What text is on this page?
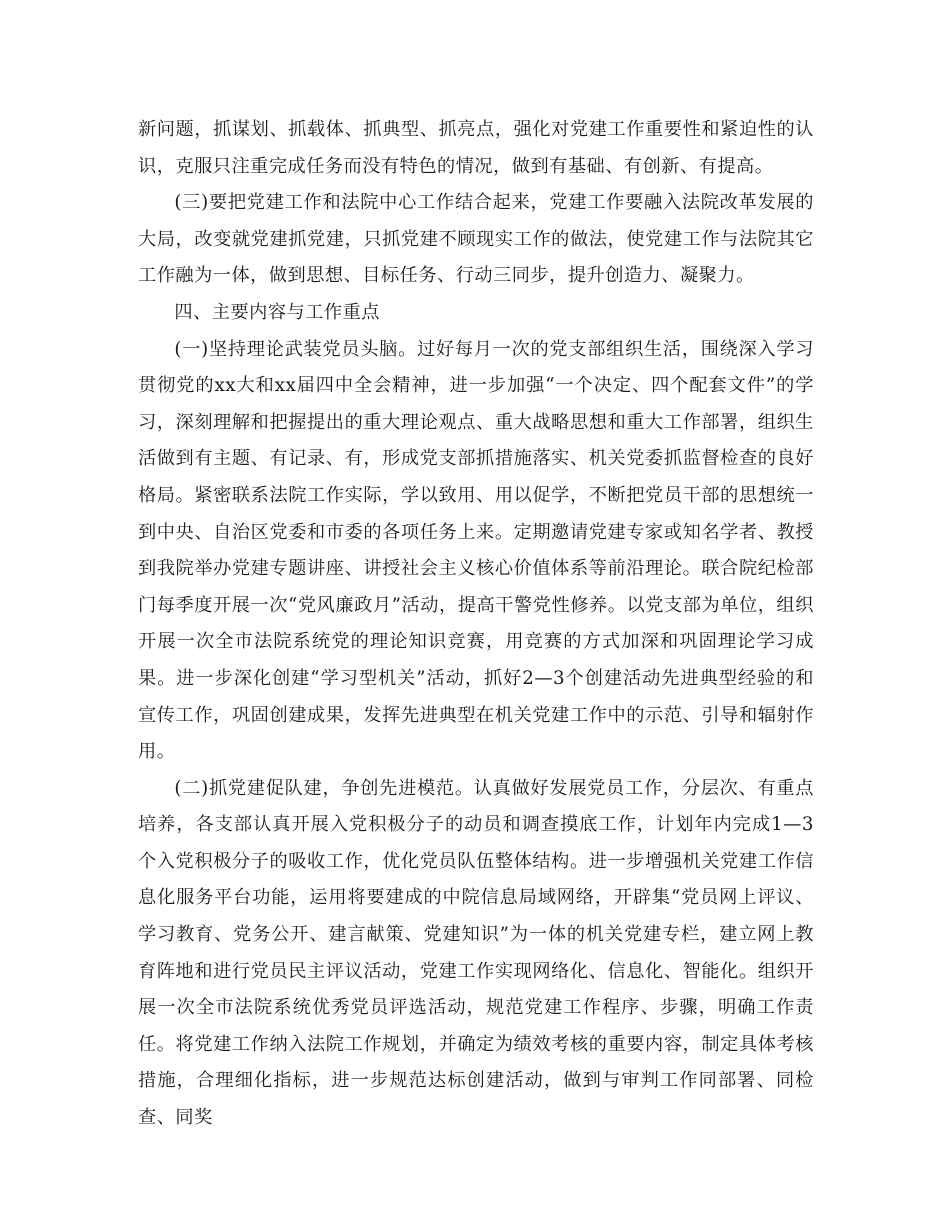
新问题，抓谋划、抓载体、抓典型、抓亮点，强化对党建工作重要性和紧迫性的认识，克服只注重完成任务而没有特色的情况，做到有基础、有创新、有提高。

(三)要把党建工作和法院中心工作结合起来，党建工作要融入法院改革发展的大局，改变就党建抓党建，只抓党建不顾现实工作的做法，使党建工作与法院其它工作融为一体，做到思想、目标任务、行动三同步，提升创造力、凝聚力。

四、主要内容与工作重点

(一)坚持理论武装党员头脑。过好每月一次的党支部组织生活，围绕深入学习贯彻党的xx大和xx届四中全会精神，进一步加强“一个决定、四个配套文件”的学习，深刻理解和把握提出的重大理论观点、重大战略思想和重大工作部署，组织生活做到有主题、有记录、有，形成党支部抓措施落实、机关党委抓监督检查的良好格局。紧密联系法院工作实际，学以致用、用以促学，不断把党员干部的思想统一到中央、自治区党委和市委的各项任务上来。定期邀请党建专家或知名学者、教授到我院举办党建专题讲座、讲授社会主义核心价值体系等前沿理论。联合院纪检部门每季度开展一次“党风廉政月”活动，提高干警党性修养。以党支部为单位，组织开展一次全市法院系统党的理论知识竞赛，用竞赛的方式加深和巩固理论学习成果。进一步深化创建“学习型机关”活动，抓好2—3个创建活动先进典型经验的和宣传工作，巩固创建成果，发挥先进典型在机关党建工作中的示范、引导和辐射作用。

(二)抓党建促队建，争创先进模范。认真做好发展党员工作，分层次、有重点培养，各支部认真开展入党积极分子的动员和调查摸底工作，计划年内完成1—3个入党积极分子的吸收工作，优化党员队伍整体结构。进一步增强机关党建工作信息化服务平台功能，运用将要建成的中院信息局域网络，开辟集“党员网上评议、学习教育、党务公开、建言献策、党建知识”为一体的机关党建专栏，建立网上教育阵地和进行党员民主评议活动，党建工作实现网络化、信息化、智能化。组织开展一次全市法院系统优秀党员评选活动，规范党建工作程序、步骤，明确工作责任。将党建工作纳入法院工作规划，并确定为绩效考核的重要内容，制定具体考核措施，合理细化指标，进一步规范达标创建活动，做到与审判工作同部署、同检查、同奖
